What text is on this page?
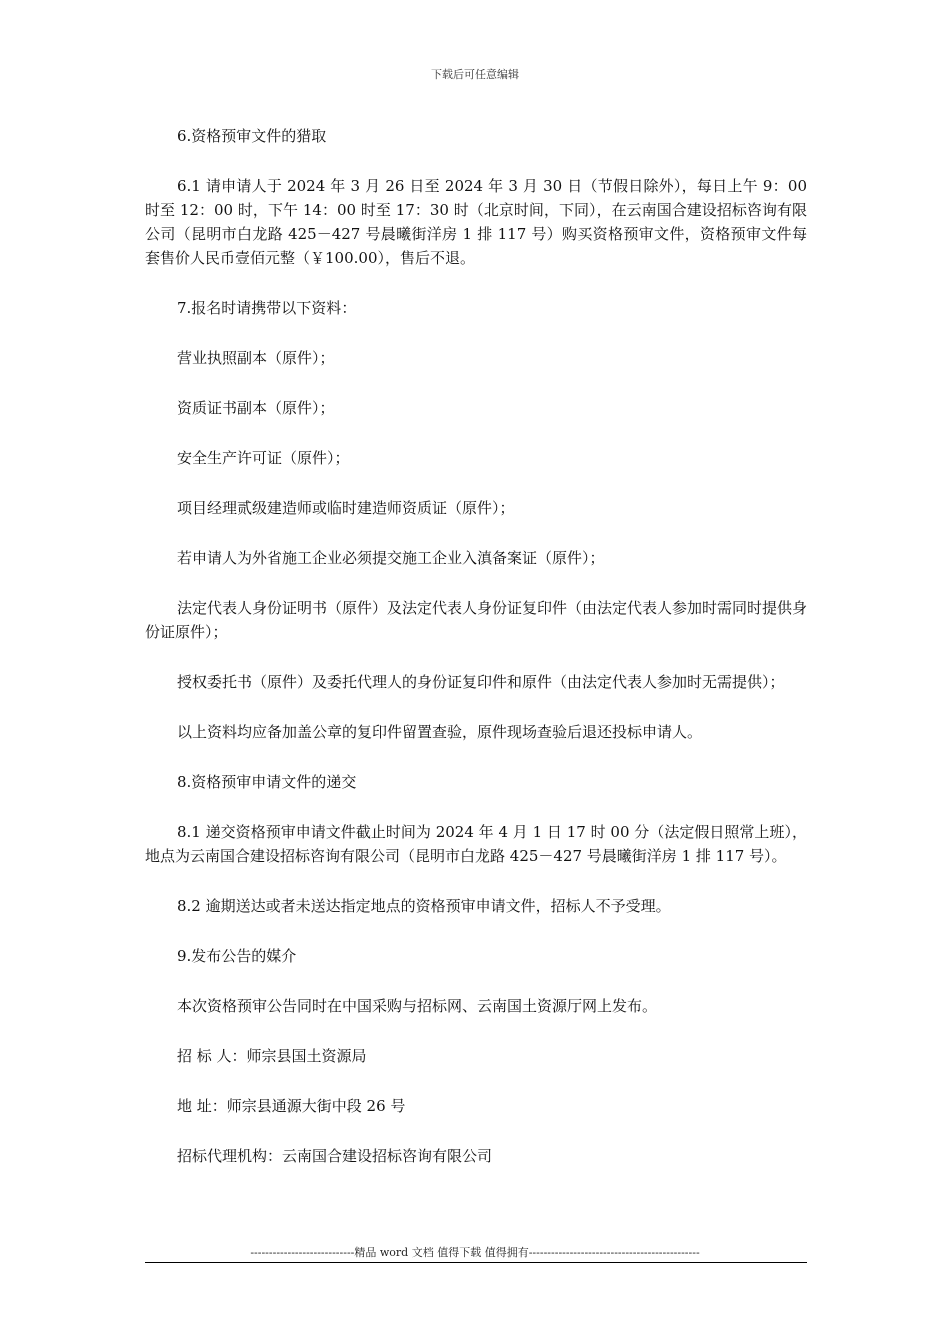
下载后可任意编辑

6.资格预审文件的猎取

6.1 请申请人于 2024 年 3 月 26 日至 2024 年 3 月 30 日（节假日除外），每日上午 9：00 时至 12：00 时，下午 14：00 时至 17：30 时（北京时间，下同），在云南国合建设招标咨询有限公司（昆明市白龙路 425－427 号晨曦街洋房 1 排 117 号）购买资格预审文件，资格预审文件每套售价人民币壹佰元整（￥100.00），售后不退。

7.报名时请携带以下资料：

营业执照副本（原件）；

资质证书副本（原件）；

安全生产许可证（原件）；

项目经理贰级建造师或临时建造师资质证（原件）；

若申请人为外省施工企业必须提交施工企业入滇备案证（原件）；

法定代表人身份证明书（原件）及法定代表人身份证复印件（由法定代表人参加时需同时提供身份证原件）；

授权委托书（原件）及委托代理人的身份证复印件和原件（由法定代表人参加时无需提供）；

以上资料均应备加盖公章的复印件留置查验，原件现场查验后退还投标申请人。

8.资格预审申请文件的递交

8.1 递交资格预审申请文件截止时间为 2024 年 4 月 1 日 17 时 00 分（法定假日照常上班），地点为云南国合建设招标咨询有限公司（昆明市白龙路 425－427 号晨曦街洋房 1 排 117 号）。

8.2 逾期送达或者未送达指定地点的资格预审申请文件，招标人不予受理。

9.发布公告的媒介

本次资格预审公告同时在中国采购与招标网、云南国土资源厅网上发布。

招 标 人：师宗县国土资源局

地 址：师宗县通源大街中段 26 号

招标代理机构：云南国合建设招标咨询有限公司

----------------------------精品 word 文档 值得下载 值得拥有----------------------------------------------
